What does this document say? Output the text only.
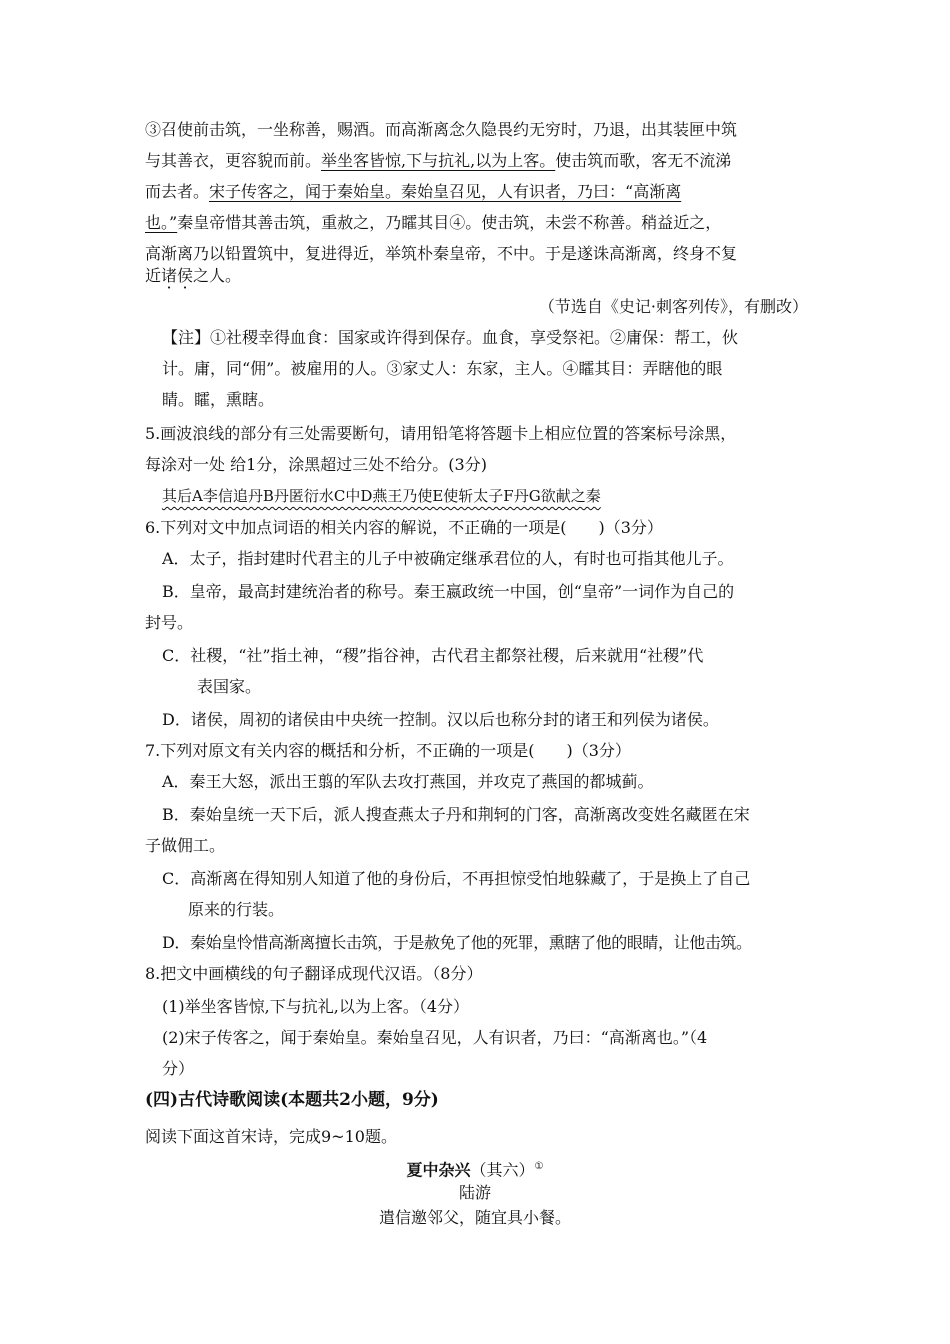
③召使前击筑，一坐称善，赐酒。而高渐离念久隐畏约无穷时，乃退，出其装匣中筑
与其善衣，更容貌而前。举坐客皆惊,下与抗礼,以为上客。使击筑而歌，客无不流涕
而去者。宋子传客之，闻于秦始皇。秦始皇召见，人有识者，乃曰：“高渐离
也。”秦皇帝惜其善击筑，重赦之，乃矐其目④。使击筑，未尝不称善。稍益近之，
高渐离乃以铅置筑中，复进得近，举筑朴秦皇帝，不中。于是遂诛高渐离，终身不复
近诸侯之人。
（节选自《史记·刺客列传》，有删改）
【注】①社稷幸得血食：国家或许得到保存。血食，享受祭祀。②庸保：帮工，伙
计。庸，同“佣”。被雇用的人。③家丈人：东家，主人。④矐其目：弄瞎他的眼
睛。矐，熏瞎。
5.画波浪线的部分有三处需要断句，请用铅笔将答题卡上相应位置的答案标号涂黑，
每涂对一处 给1分，涂黑超过三处不给分。(3分)
其后A李信追丹B丹匿衍水C中D燕王乃使E使斩太子F丹G欲献之秦
6.下列对文中加点词语的相关内容的解说，不正确的一项是(　　)（3分）
A．太子，指封建时代君主的儿子中被确定继承君位的人，有时也可指其他儿子。
B．皇帝，最高封建统治者的称号。秦王嬴政统一中国，创“皇帝”一词作为自己的
封号。
C．社稷，“社”指土神，“稷”指谷神，古代君主都祭社稷，后来就用“社稷”代
表国家。
D．诸侯，周初的诸侯由中央统一控制。汉以后也称分封的诸王和列侯为诸侯。
7.下列对原文有关内容的概括和分析，不正确的一项是(　　)（3分）
A．秦王大怒，派出王翦的军队去攻打燕国，并攻克了燕国的都城蓟。
B．秦始皇统一天下后，派人搜查燕太子丹和荆轲的门客，高渐离改变姓名藏匿在宋
子做佣工。
C．高渐离在得知别人知道了他的身份后，不再担惊受怕地躲藏了，于是换上了自己
原来的行装。
D．秦始皇怜惜高渐离擅长击筑，于是赦免了他的死罪，熏瞎了他的眼睛，让他击筑。
8.把文中画横线的句子翻译成现代汉语。（8分）
(1)举坐客皆惊,下与抗礼,以为上客。（4分）
(2)宋子传客之，闻于秦始皇。秦始皇召见，人有识者，乃曰：“高渐离也。”（4
分）
(四)古代诗歌阅读(本题共2小题，9分)
阅读下面这首宋诗，完成9~10题。
夏中杂兴（其六）①
陆游
遣信邀邻父，随宜具小餐。
